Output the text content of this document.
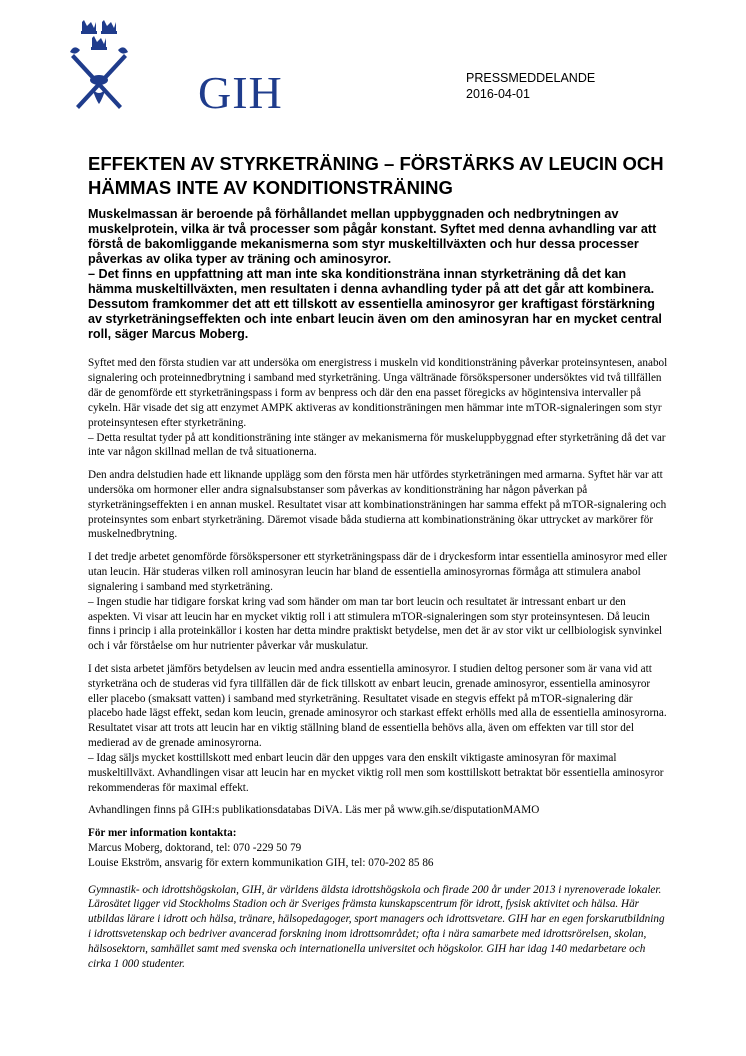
GIH	PRESSMEDDELANDE
2016-04-01
EFFEKTEN AV STYRKETRÄNING – FÖRSTÄRKS AV LEUCIN OCH HÄMMAS INTE AV KONDITIONSTRÄNING

Muskelmassan är beroende på förhållandet mellan uppbyggnaden och nedbrytningen av muskelprotein, vilka är två processer som pågår konstant. Syftet med denna avhandling var att förstå de bakomliggande mekanismerna som styr muskeltillväxten och hur dessa processer påverkas av olika typer av träning och aminosyror.

– Det finns en uppfattning att man inte ska konditionsträna innan styrketräning då det kan hämma muskeltillväxten, men resultaten i denna avhandling tyder på att det går att kombinera. Dessutom framkommer det att ett tillskott av essentiella aminosyror ger kraftigast förstärkning av styrketräningseffekten och inte enbart leucin även om den aminosyran har en mycket central roll, säger Marcus Moberg.

Syftet med den första studien var att undersöka om energistress i muskeln vid konditionsträning påverkar proteinsyntesen, anabol signalering och proteinnedbrytning i samband med styrketräning. Unga vältränade försökspersoner undersöktes vid två tillfällen där de genomförde ett styrketräningspass i form av benpress och där den ena passet föregicks av högintensiva intervaller på cykeln. Här visade det sig att enzymet AMPK aktiveras av konditionsträningen men hämmar inte mTOR-signaleringen som styr proteinsyntesen efter styrketräning.
– Detta resultat tyder på att konditionsträning inte stänger av mekanismerna för muskeluppbyggnad efter styrketräning då det var inte var någon skillnad mellan de två situationerna.

Den andra delstudien hade ett liknande upplägg som den första men här utfördes styrketräningen med armarna. Syftet här var att undersöka om hormoner eller andra signalsubstanser som påverkas av konditionsträning har någon påverkan på styrketräningseffekten i en annan muskel. Resultatet visar att kombinationsträningen har samma effekt på mTOR-signalering och proteinsyntes som enbart styrketräning. Däremot visade båda studierna att kombinationsträning ökar uttrycket av markörer för muskelnedbrytning.

I det tredje arbetet genomförde försökspersoner ett styrketräningspass där de i dryckesform intar essentiella aminosyror med eller utan leucin. Här studeras vilken roll aminosyran leucin har bland de essentiella aminosyrornas förmåga att stimulera anabol signalering i samband med styrketräning.
– Ingen studie har tidigare forskat kring vad som händer om man tar bort leucin och resultatet är intressant enbart ur den aspekten. Vi visar att leucin har en mycket viktig roll i att stimulera mTOR-signaleringen som styr proteinsyntesen. Då leucin finns i princip i alla proteinkällor i kosten har detta mindre praktiskt betydelse, men det är av stor vikt ur cellbiologisk synvinkel och i vår förståelse om hur nutrienter påverkar vår muskulatur.

I det sista arbetet jämförs betydelsen av leucin med andra essentiella aminosyror. I studien deltog personer som är vana vid att styrketräna och de studeras vid fyra tillfällen där de fick tillskott av enbart leucin, grenade aminosyror, essentiella aminosyror eller placebo (smaksatt vatten) i samband med styrketräning. Resultatet visade en stegvis effekt på mTOR-signalering där placebo hade lägst effekt, sedan kom leucin, grenade aminosyror och starkast effekt erhölls med alla de essentiella aminosyrorna. Resultatet visar att trots att leucin har en viktig ställning bland de essentiella behövs alla, även om effekten var till stor del medierad av de grenade aminosyrorna.
– Idag säljs mycket kosttillskott med enbart leucin där den uppges vara den enskilt viktigaste aminosyran för maximal muskeltillväxt. Avhandlingen visar att leucin har en mycket viktig roll men som kosttillskott betraktat bör essentiella aminosyror rekommenderas för maximal effekt.

Avhandlingen finns på GIH:s publikationsdatabas DiVA. Läs mer på www.gih.se/disputationMAMO

För mer information kontakta:
Marcus Moberg, doktorand, tel: 070 -229 50 79
Louise Ekström, ansvarig för extern kommunikation GIH, tel: 070-202 85 86

Gymnastik- och idrottshögskolan, GIH, är världens äldsta idrottshögskola och firade 200 år under 2013 i nyrenoverade lokaler. Lärosätet ligger vid Stockholms Stadion och är Sveriges främsta kunskapscentrum för idrott, fysisk aktivitet och hälsa. Här utbildas lärare i idrott och hälsa, tränare, hälsopedagoger, sport managers och idrottsvetare. GIH har en egen forskarutbildning i idrottsvetenskap och bedriver avancerad forskning inom idrottsområdet; ofta i nära samarbete med idrottsrörelsen, skolan, hälsosektorn, samhället samt med svenska och internationella universitet och högskolor. GIH har idag 140 medarbetare och cirka 1 000 studenter.
